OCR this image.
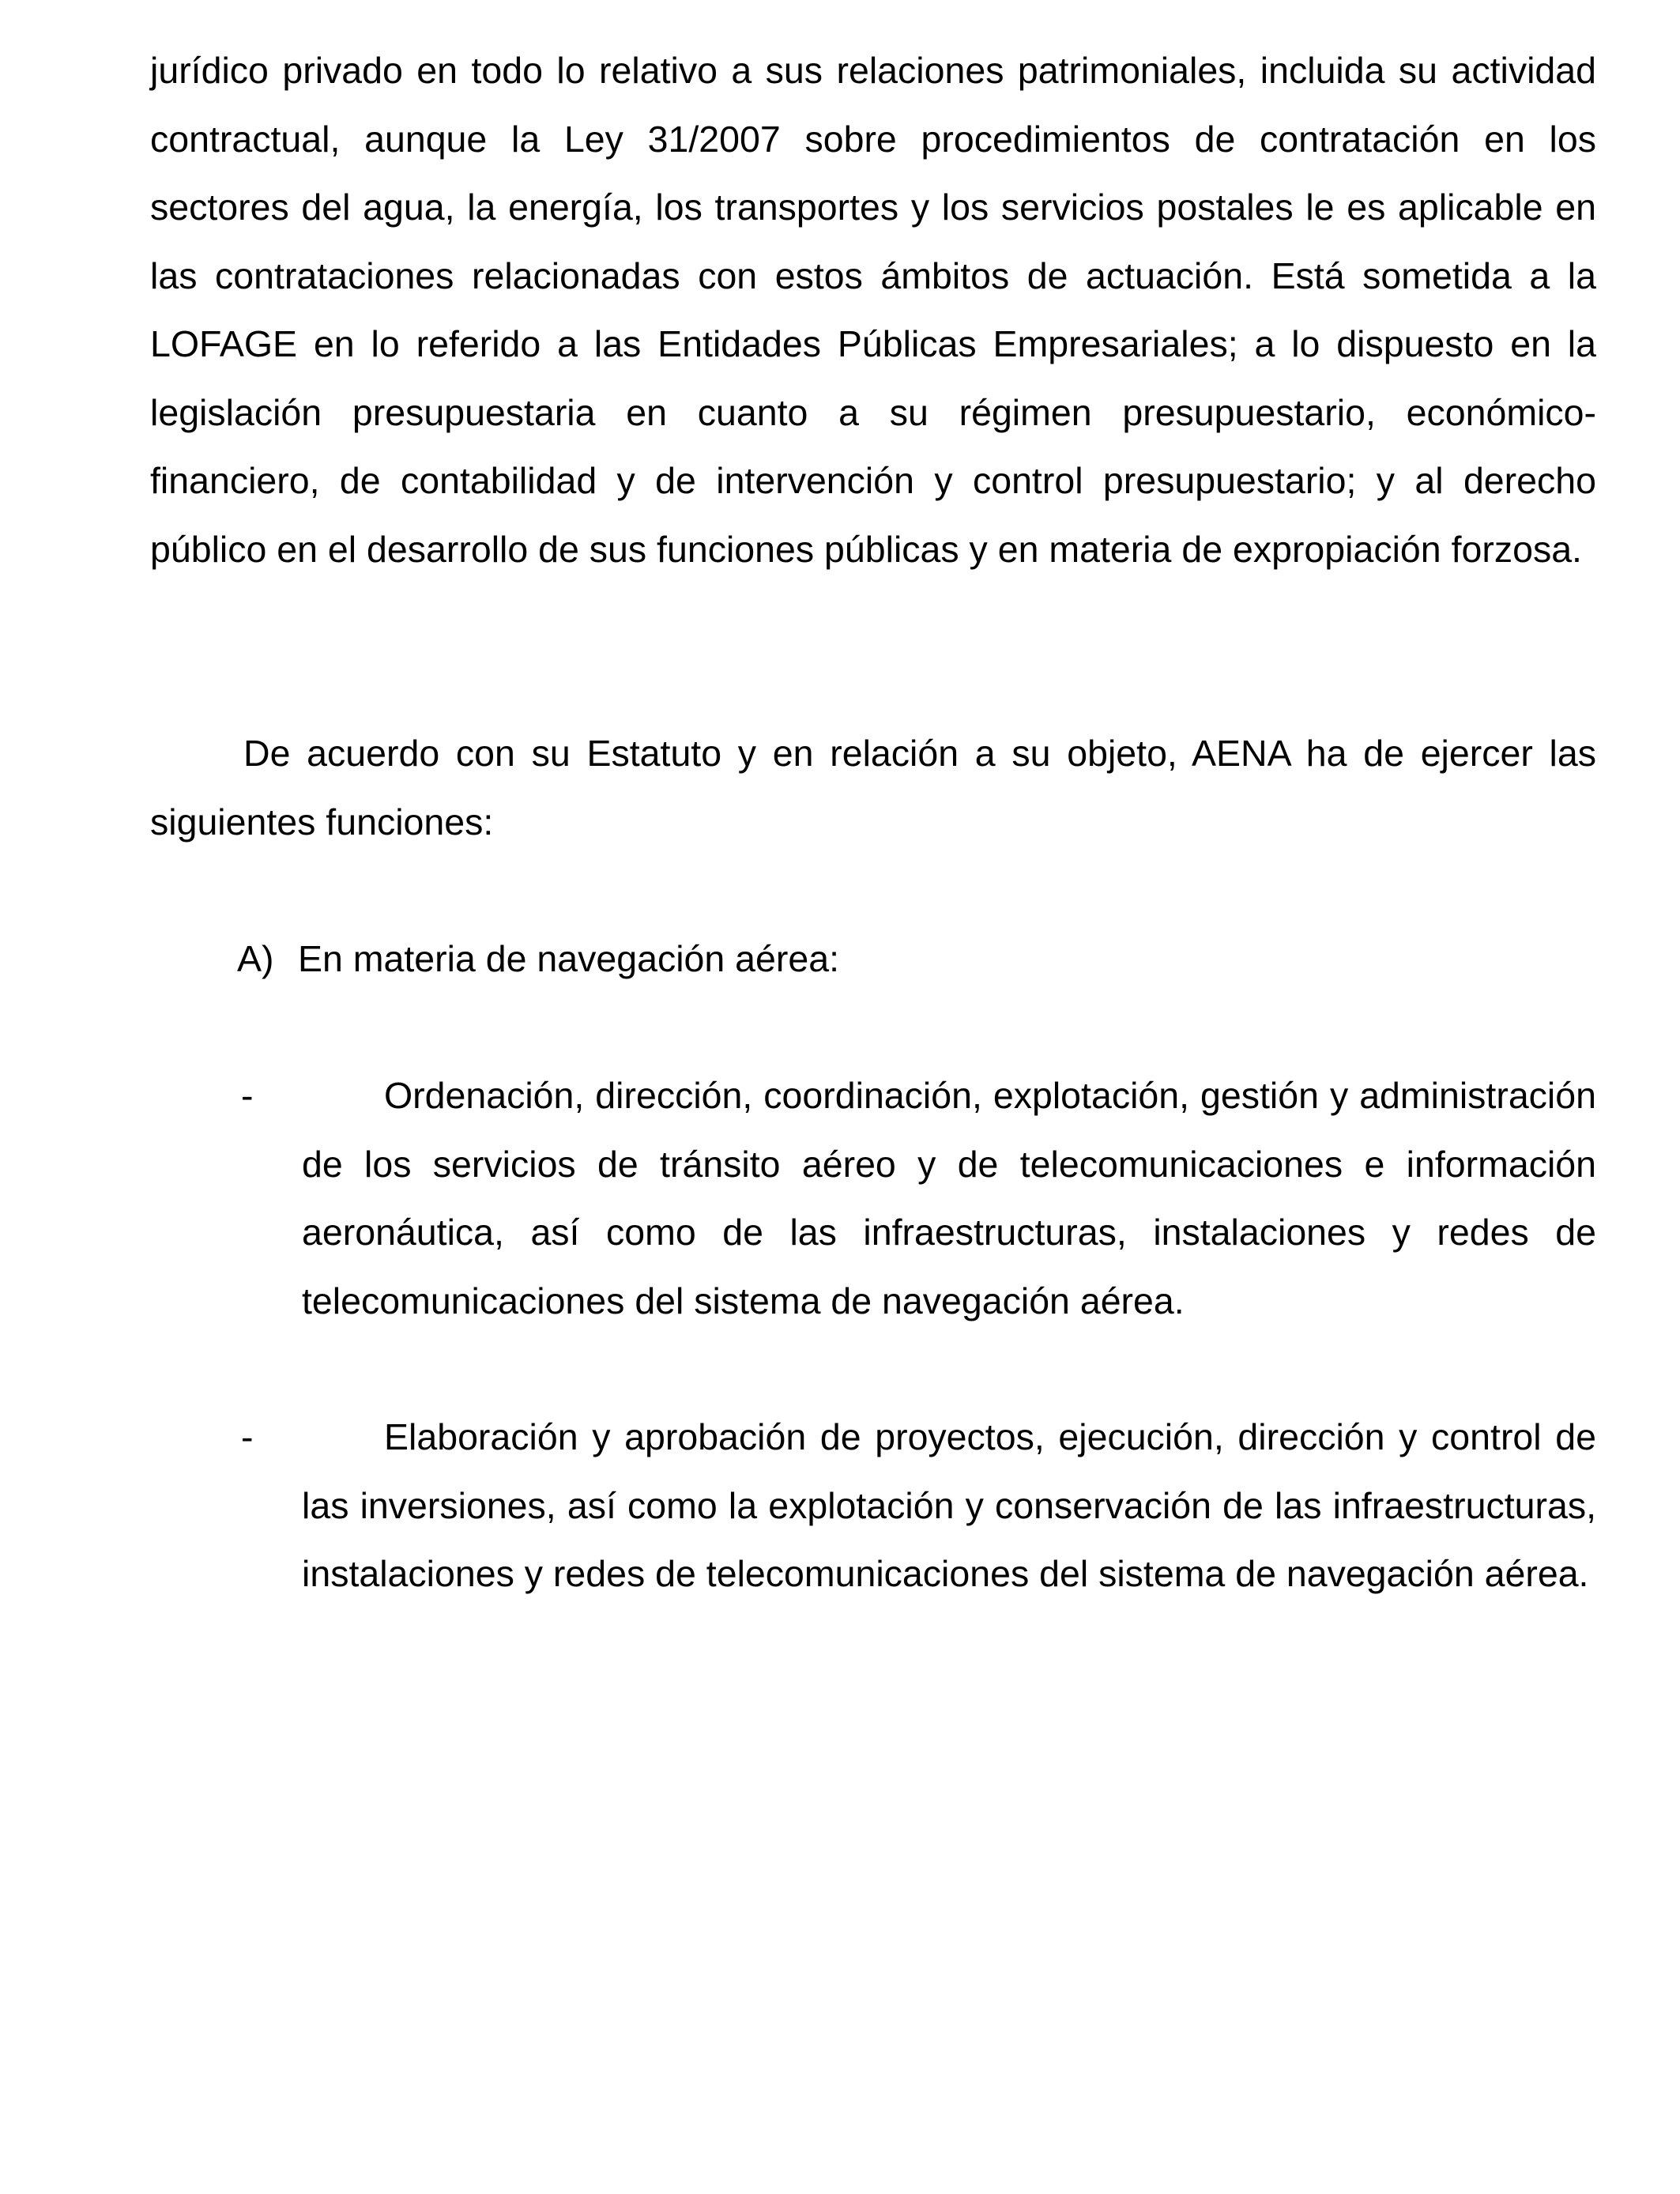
jurídico privado en todo lo relativo a sus relaciones patrimoniales, incluida su actividad contractual, aunque la Ley 31/2007 sobre procedimientos de contratación en los sectores del agua, la energía, los transportes y los servicios postales le es aplicable en las contrataciones relacionadas con estos ámbitos de actuación. Está sometida a la LOFAGE en lo referido a las Entidades Públicas Empresariales; a lo dispuesto en la legislación presupuestaria en cuanto a su régimen presupuestario, económico-financiero, de contabilidad y de intervención y control presupuestario; y al derecho público en el desarrollo de sus funciones públicas y en materia de expropiación forzosa.

De acuerdo con su Estatuto y en relación a su objeto, AENA ha de ejercer las siguientes funciones:

A) En materia de navegación aérea:

-	Ordenación, dirección, coordinación, explotación, gestión y administración de los servicios de tránsito aéreo y de telecomunicaciones e información aeronáutica, así como de las infraestructuras, instalaciones y redes de telecomunicaciones del sistema de navegación aérea.

-	Elaboración y aprobación de proyectos, ejecución, dirección y control de las inversiones, así como la explotación y conservación de las infraestructuras, instalaciones y redes de telecomunicaciones del sistema de navegación aérea.
